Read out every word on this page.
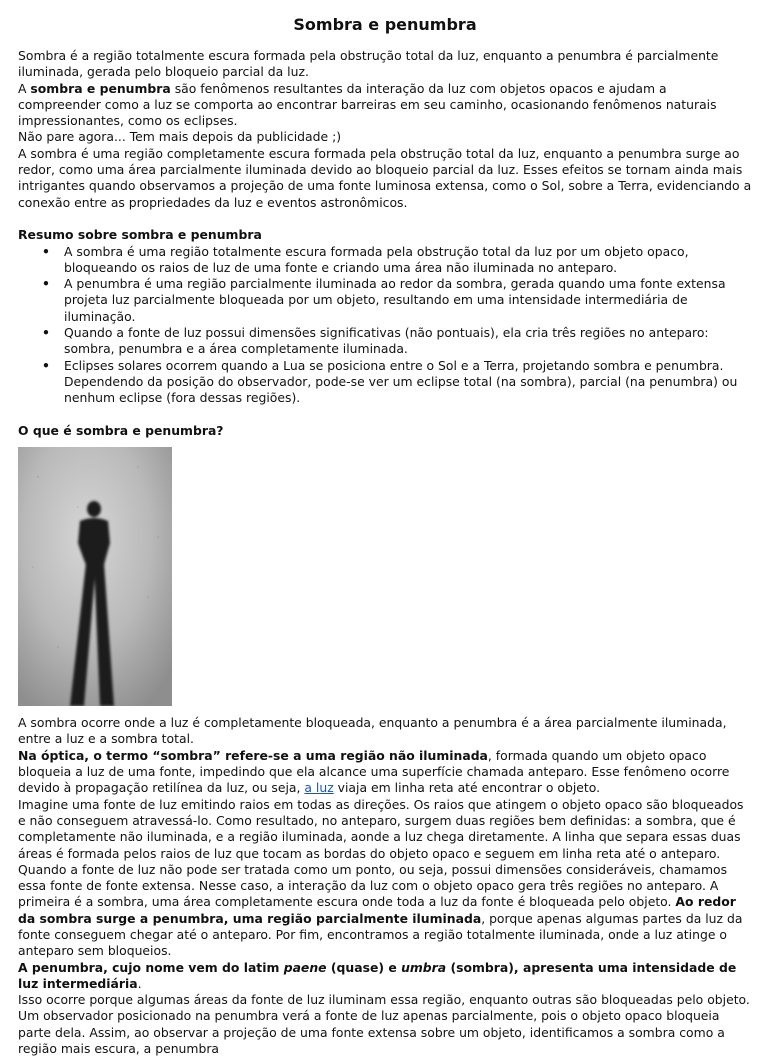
Sombra e penumbra

Sombra é a região totalmente escura formada pela obstrução total da luz, enquanto a penumbra é parcialmente iluminada, gerada pelo bloqueio parcial da luz.

A sombra e penumbra são fenômenos resultantes da interação da luz com objetos opacos e ajudam a compreender como a luz se comporta ao encontrar barreiras em seu caminho, ocasionando fenômenos naturais impressionantes, como os eclipses.

Não pare agora... Tem mais depois da publicidade ;)

A sombra é uma região completamente escura formada pela obstrução total da luz, enquanto a penumbra surge ao redor, como uma área parcialmente iluminada devido ao bloqueio parcial da luz. Esses efeitos se tornam ainda mais intrigantes quando observamos a projeção de uma fonte luminosa extensa, como o Sol, sobre a Terra, evidenciando a conexão entre as propriedades da luz e eventos astronômicos.

Resumo sobre sombra e penumbra

• A sombra é uma região totalmente escura formada pela obstrução total da luz por um objeto opaco, bloqueando os raios de luz de uma fonte e criando uma área não iluminada no anteparo.
• A penumbra é uma região parcialmente iluminada ao redor da sombra, gerada quando uma fonte extensa projeta luz parcialmente bloqueada por um objeto, resultando em uma intensidade intermediária de iluminação.
• Quando a fonte de luz possui dimensões significativas (não pontuais), ela cria três regiões no anteparo: sombra, penumbra e a área completamente iluminada.
• Eclipses solares ocorrem quando a Lua se posiciona entre o Sol e a Terra, projetando sombra e penumbra. Dependendo da posição do observador, pode-se ver um eclipse total (na sombra), parcial (na penumbra) ou nenhum eclipse (fora dessas regiões).

O que é sombra e penumbra?

A sombra ocorre onde a luz é completamente bloqueada, enquanto a penumbra é a área parcialmente iluminada, entre a luz e a sombra total.

Na óptica, o termo “sombra” refere-se a uma região não iluminada, formada quando um objeto opaco bloqueia a luz de uma fonte, impedindo que ela alcance uma superfície chamada anteparo. Esse fenômeno ocorre devido à propagação retilínea da luz, ou seja, a luz viaja em linha reta até encontrar o objeto.

Imagine uma fonte de luz emitindo raios em todas as direções. Os raios que atingem o objeto opaco são bloqueados e não conseguem atravessá-lo. Como resultado, no anteparo, surgem duas regiões bem definidas: a sombra, que é completamente não iluminada, e a região iluminada, aonde a luz chega diretamente. A linha que separa essas duas áreas é formada pelos raios de luz que tocam as bordas do objeto opaco e seguem em linha reta até o anteparo.

Quando a fonte de luz não pode ser tratada como um ponto, ou seja, possui dimensões consideráveis, chamamos essa fonte de fonte extensa. Nesse caso, a interação da luz com o objeto opaco gera três regiões no anteparo. A primeira é a sombra, uma área completamente escura onde toda a luz da fonte é bloqueada pelo objeto. Ao redor da sombra surge a penumbra, uma região parcialmente iluminada, porque apenas algumas partes da luz da fonte conseguem chegar até o anteparo. Por fim, encontramos a região totalmente iluminada, onde a luz atinge o anteparo sem bloqueios.

A penumbra, cujo nome vem do latim paene (quase) e umbra (sombra), apresenta uma intensidade de luz intermediária.

Isso ocorre porque algumas áreas da fonte de luz iluminam essa região, enquanto outras são bloqueadas pelo objeto. Um observador posicionado na penumbra verá a fonte de luz apenas parcialmente, pois o objeto opaco bloqueia parte dela. Assim, ao observar a projeção de uma fonte extensa sobre um objeto, identificamos a sombra como a região mais escura, a penumbra
